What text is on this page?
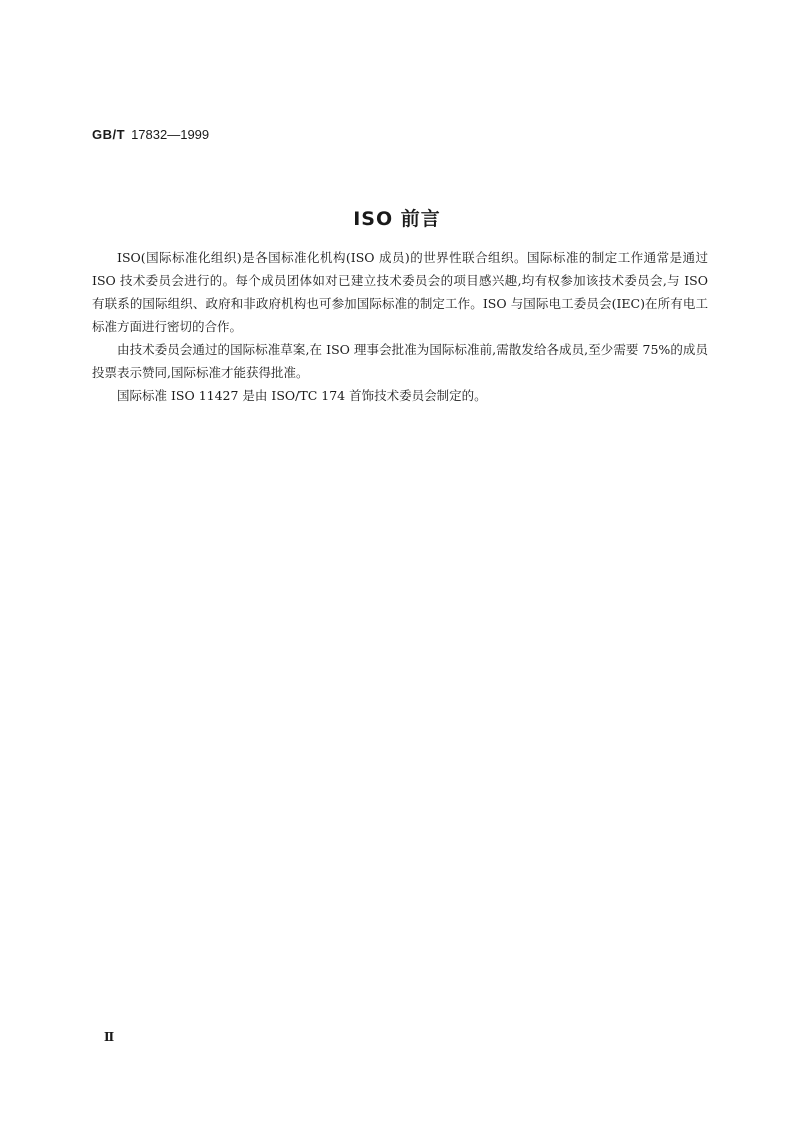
GB/T 17832—1999
ISO 前言

ISO(国际标准化组织)是各国标准化机构(ISO 成员)的世界性联合组织。国际标准的制定工作通常是通过 ISO 技术委员会进行的。每个成员团体如对已建立技术委员会的项目感兴趣,均有权参加该技术委员会,与 ISO 有联系的国际组织、政府和非政府机构也可参加国际标准的制定工作。ISO 与国际电工委员会(IEC)在所有电工标准方面进行密切的合作。

由技术委员会通过的国际标准草案,在 ISO 理事会批准为国际标准前,需散发给各成员,至少需要 75%的成员投票表示赞同,国际标准才能获得批准。

国际标准 ISO 11427 是由 ISO/TC 174 首饰技术委员会制定的。

Ⅱ
